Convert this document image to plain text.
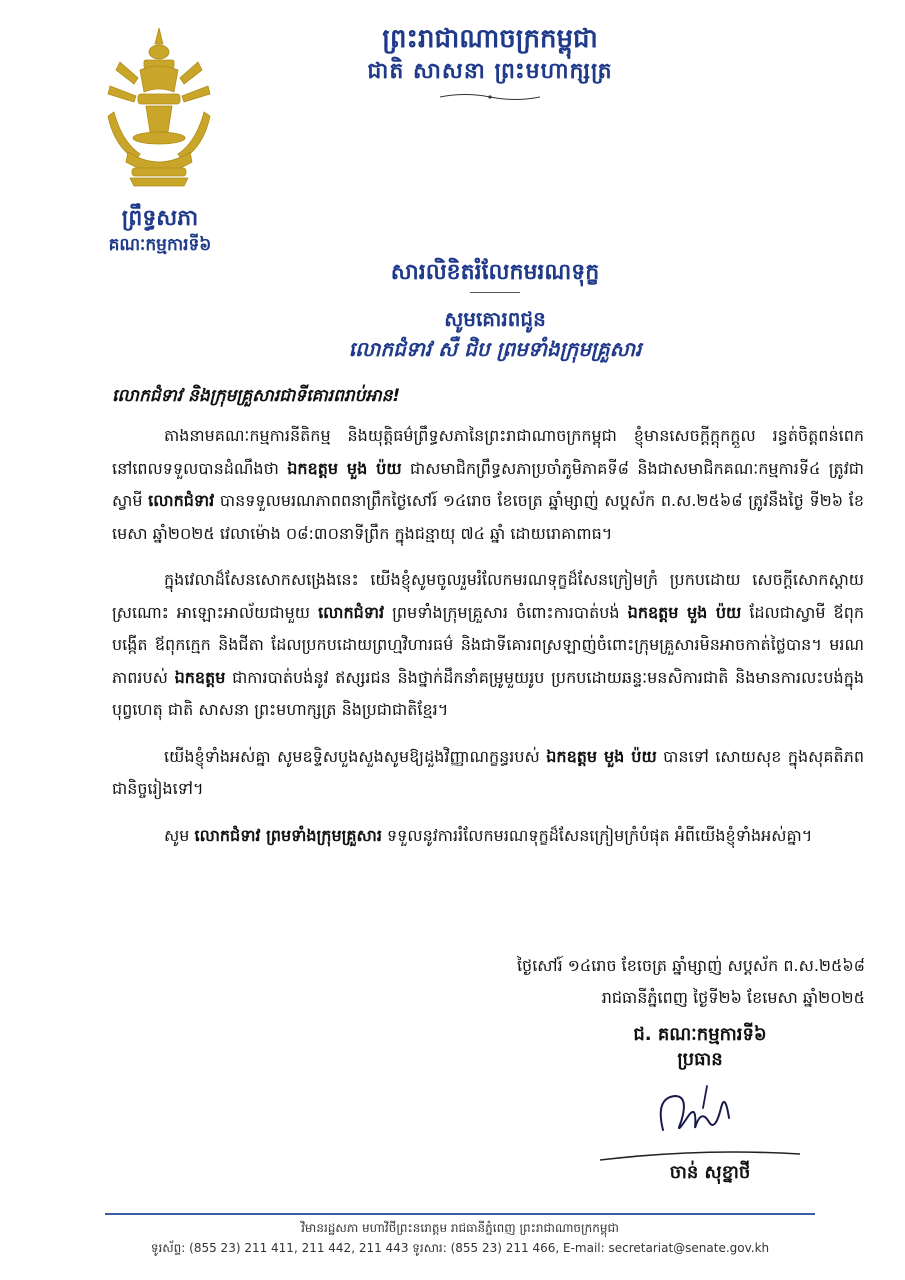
ព្រឹទ្ធសភា
គណៈកម្មការទី៦
ព្រះរាជាណាចក្រកម្ពុជា
ជាតិ សាសនា ព្រះមហាក្សត្រ
សារលិខិតរំលែកមរណទុក្ខ
សូមគោរពជូន
លោកជំទាវ សឺ ជិប ព្រមទាំងក្រុមគ្រួសារ
លោកជំទាវ និងក្រុមគ្រួសារជាទីគោរពរាប់អាន!

តាងនាមគណៈកម្មការនីតិកម្ម និងយុត្តិធម៌ព្រឹទ្ធសភានៃព្រះរាជាណាចក្រកម្ពុជា ខ្ញុំមានសេចក្តីក្តុកក្តួល រន្ធត់ចិត្តពន់ពេក នៅពេលទទួលបានដំណឹងថា ឯកឧត្តម មួង ប៉យ ជាសមាជិកព្រឹទ្ធសភាប្រចាំភូមិភាគទី៨ និងជាសមាជិកគណៈកម្មការទី៤ ត្រូវជាស្វាមី លោកជំទាវ បានទទួលមរណភាពពនាព្រឹកថ្ងៃសៅរ៍ ១៤រោច ខែចេត្រ ឆ្នាំម្សាញ់ សប្តស័ក ព.ស.២៥៦៨ ត្រូវនឹងថ្ងៃ ទី២៦ ខែមេសា ឆ្នាំ២០២៥ វេលាម៉ោង ០៨:៣០នាទីព្រឹក ក្នុងជន្មាយុ ៧៤ ឆ្នាំ ដោយរោគាពាធ។

ក្នុងវេលាដ៏សែនសោកសង្រេងនេះ យើងខ្ញុំសូមចូលរួមរំលែកមរណទុក្ខដ៏សែនក្រៀមក្រំ ប្រកបដោយ សេចក្តីសោកស្តាយ ស្រណោះ អាឡោះអាល័យជាមួយ លោកជំទាវ ព្រមទាំងក្រុមគ្រួសារ ចំពោះការបាត់បង់ ឯកឧត្តម មួង ប៉យ ដែលជាស្វាមី ឪពុកបង្កើត ឪពុកក្មេក និងជីតា ដែលប្រកបដោយព្រហ្មវិហារធម៌ និងជាទីគោរពស្រឡាញ់ចំពោះក្រុមគ្រួសារមិនអាចកាត់ថ្លៃបាន។ មរណភាពរបស់ ឯកឧត្តម ជាការបាត់បង់នូវ ឥស្សរជន និងថ្នាក់ដឹកនាំគម្រូមួយរូប ប្រកបដោយឆន្ទៈមនសិការជាតិ និងមានការលះបង់ក្នុងបុព្វហេតុ ជាតិ សាសនា ព្រះមហាក្សត្រ និងប្រជាជាតិខ្មែរ។

យើងខ្ញុំទាំងអស់គ្នា សូមឧទ្ទិសបួងសួងសូមឱ្យដួងវិញ្ញាណក្ខន្ធរបស់ ឯកឧត្តម មួង ប៉យ បានទៅ សោយសុខ ក្នុងសុគតិភពជានិច្ចរៀងទៅ។

សូម លោកជំទាវ ព្រមទាំងក្រុមគ្រួសារ ទទួលនូវការរំលែកមរណទុក្ខដ៏សែនក្រៀមក្រំបំផុត អំពីយើងខ្ញុំទាំងអស់គ្នា។

ថ្ងៃសៅរ៍ ១៤រោច ខែចេត្រ ឆ្នាំម្សាញ់ សប្តស័ក ព.ស.២៥៦៨
រាជធានីភ្នំពេញ ថ្ងៃទី២៦ ខែមេសា ឆ្នាំ២០២៥
ជ. គណៈកម្មការទី៦
ប្រធាន
ចាន់ សុខ្នាថី
វិមានរដ្ឋសភា មហាវិថីព្រះនរោត្តម រាជធានីភ្នំពេញ ព្រះរាជាណាចក្រកម្ពុជា
ទូរស័ព្ទ: (855 23) 211 411, 211 442, 211 443 ទូរសារ: (855 23) 211 466, E-mail: secretariat@senate.gov.kh
